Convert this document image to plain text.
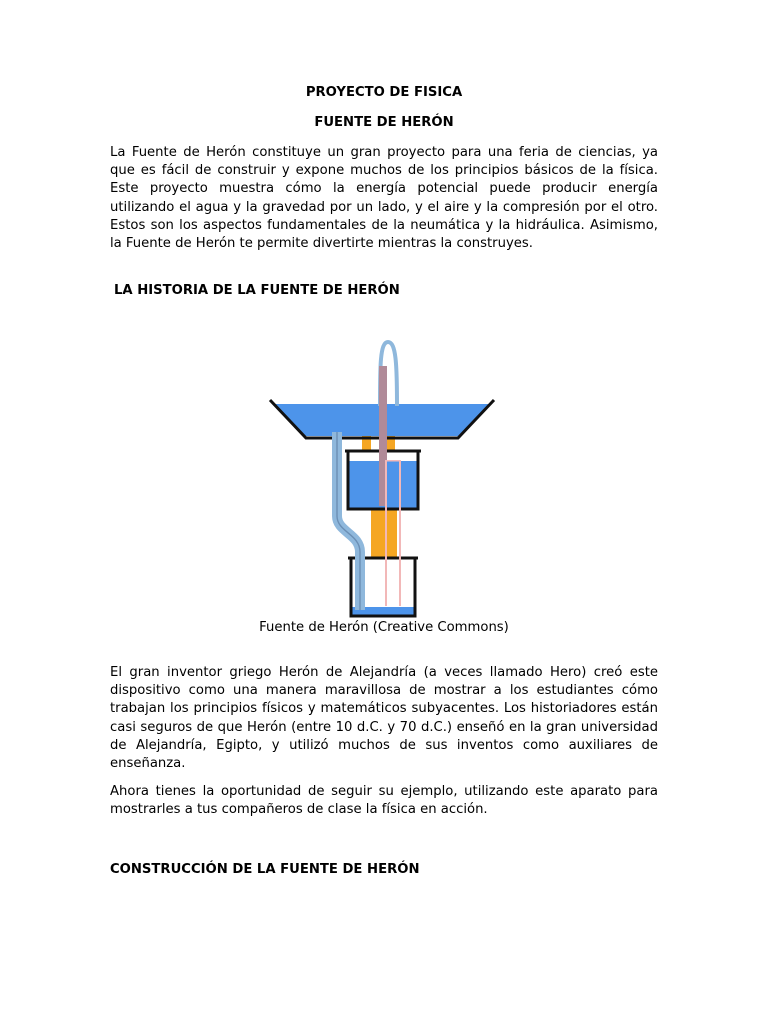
PROYECTO DE FISICA
FUENTE DE HERÓN

La Fuente de Herón constituye un gran proyecto para una feria de ciencias, ya que es fácil de construir y expone muchos de los principios básicos de la física. Este proyecto muestra cómo la energía potencial puede producir energía utilizando el agua y la gravedad por un lado, y el aire y la compresión por el otro. Estos son los aspectos fundamentales de la neumática y la hidráulica. Asimismo, la Fuente de Herón te permite divertirte mientras la construyes.

LA HISTORIA DE LA FUENTE DE HERÓN
Fuente de Herón (Creative Commons)

El gran inventor griego Herón de Alejandría (a veces llamado Hero) creó este dispositivo como una manera maravillosa de mostrar a los estudiantes cómo trabajan los principios físicos y matemáticos subyacentes. Los historiadores están casi seguros de que Herón (entre 10 d.C. y 70 d.C.) enseñó en la gran universidad de Alejandría, Egipto, y utilizó muchos de sus inventos como auxiliares de enseñanza.

Ahora tienes la oportunidad de seguir su ejemplo, utilizando este aparato para mostrarles a tus compañeros de clase la física en acción.

CONSTRUCCIÓN DE LA FUENTE DE HERÓN
